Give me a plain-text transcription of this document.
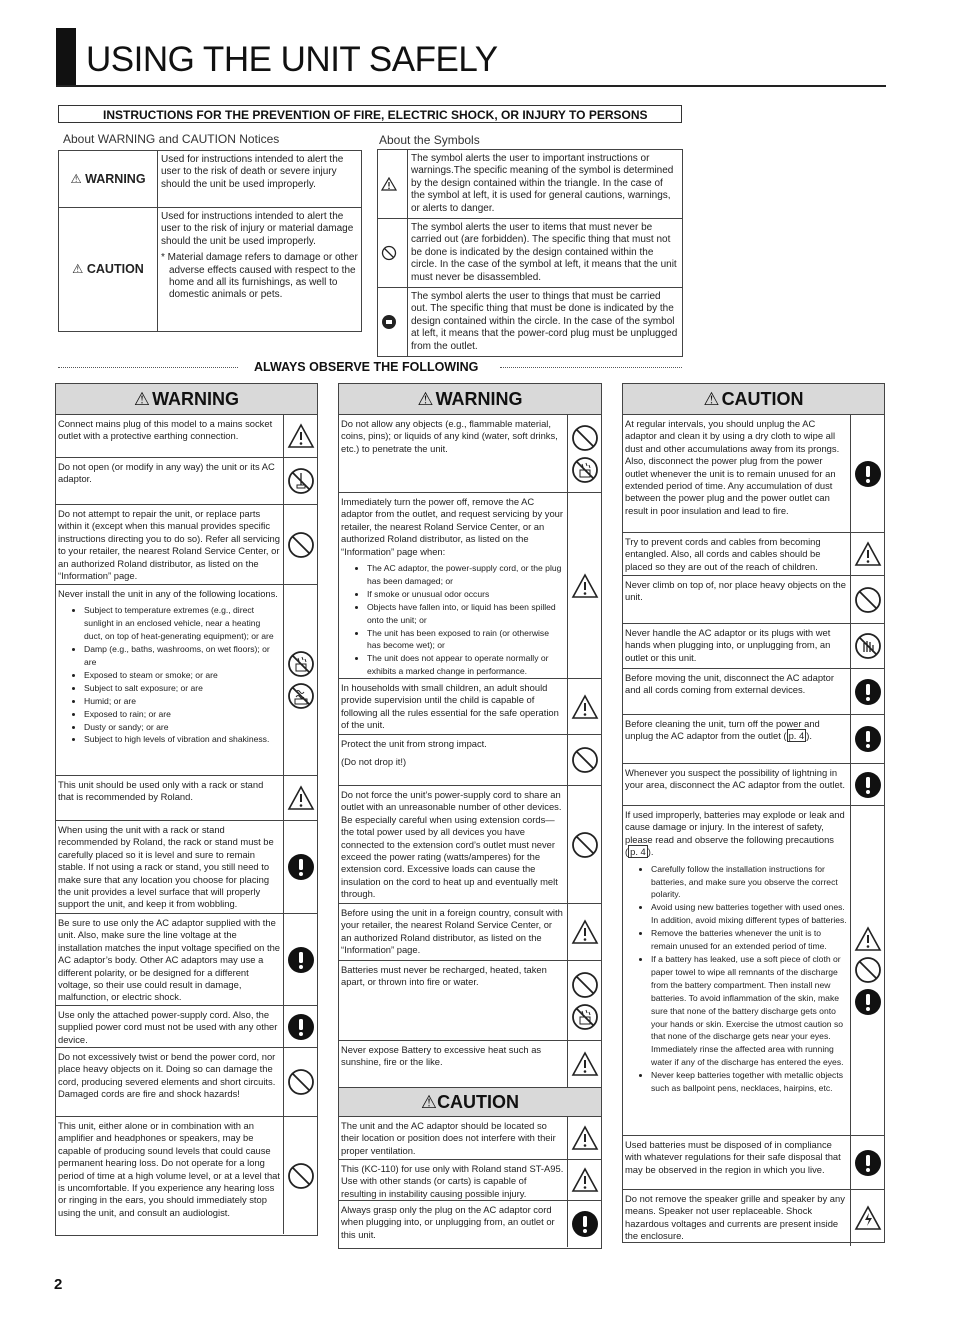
USING THE UNIT SAFELY
INSTRUCTIONS FOR THE PREVENTION OF FIRE, ELECTRIC SHOCK, OR INJURY TO PERSONS
About WARNING and CAUTION Notices
⚠ WARNING	Used for instructions intended to alert the user to the risk of death or severe injury should the unit be used improperly.
⚠ CAUTION	Used for instructions intended to alert the user to the risk of injury or material damage should the unit be used improperly.
* Material damage refers to damage or other adverse effects caused with respect to the home and all its furnishings, as well to domestic animals or pets.
About the Symbols
	The symbol alerts the user to important instructions or warnings.The specific meaning of the symbol is determined by the design contained within the triangle. In the case of the symbol at left, it is used for general cautions, warnings, or alerts to danger.

	The symbol alerts the user to items that must never be carried out (are forbidden). The specific thing that must not be done is indicated by the design contained within the circle. In the case of the symbol at left, it means that the unit must never be disassembled.

	The symbol alerts the user to things that must be carried out. The specific thing that must be done is indicated by the design contained within the circle. In the case of the symbol at left, it means that the power-cord plug must be unplugged from the outlet.
ALWAYS OBSERVE THE FOLLOWING
⚠ WARNING
Connect mains plug of this model to a mains socket outlet with a protective earthing connection.
Do not open (or modify in any way) the unit or its AC adaptor.
Do not attempt to repair the unit, or replace parts within it (except when this manual provides specific instructions directing you to do so). Refer all servicing to your retailer, the nearest Roland Service Center, or an authorized Roland distributor, as listed on the “Information” page.
Never install the unit in any of the following locations.
• Subject to temperature extremes (e.g., direct sunlight in an enclosed vehicle, near a heating duct, on top of heat-generating equipment); or are
• Damp (e.g., baths, washrooms, on wet floors); or are
• Exposed to steam or smoke; or are
• Subject to salt exposure; or are
• Humid; or are
• Exposed to rain; or are
• Dusty or sandy; or are
• Subject to high levels of vibration and shakiness.
This unit should be used only with a rack or stand that is recommended by Roland.
When using the unit with a rack or stand recommended by Roland, the rack or stand must be carefully placed so it is level and sure to remain stable. If not using a rack or stand, you still need to make sure that any location you choose for placing the unit provides a level surface that will properly support the unit, and keep it from wobbling.
Be sure to use only the AC adaptor supplied with the unit. Also, make sure the line voltage at the installation matches the input voltage specified on the AC adaptor’s body. Other AC adaptors may use a different polarity, or be designed for a different voltage, so their use could result in damage, malfunction, or electric shock.
Use only the attached power-supply cord. Also, the supplied power cord must not be used with any other device.
Do not excessively twist or bend the power cord, nor place heavy objects on it. Doing so can damage the cord, producing severed elements and short circuits. Damaged cords are fire and shock hazards!
This unit, either alone or in combination with an amplifier and headphones or speakers, may be capable of producing sound levels that could cause permanent hearing loss. Do not operate for a long period of time at a high volume level, or at a level that is uncomfortable. If you experience any hearing loss or ringing in the ears, you should immediately stop using the unit, and consult an audiologist.
⚠ WARNING
Do not allow any objects (e.g., flammable material, coins, pins); or liquids of any kind (water, soft drinks, etc.) to penetrate the unit.
Immediately turn the power off, remove the AC adaptor from the outlet, and request servicing by your retailer, the nearest Roland Service Center, or an authorized Roland distributor, as listed on the “Information” page when:
• The AC adaptor, the power-supply cord, or the plug has been damaged; or
• If smoke or unusual odor occurs
• Objects have fallen into, or liquid has been spilled onto the unit; or
• The unit has been exposed to rain (or otherwise has become wet); or
• The unit does not appear to operate normally or exhibits a marked change in performance.
In households with small children, an adult should provide supervision until the child is capable of following all the rules essential for the safe operation of the unit.
Protect the unit from strong impact.
(Do not drop it!)
Do not force the unit’s power-supply cord to share an outlet with an unreasonable number of other devices. Be especially careful when using extension cords—the total power used by all devices you have connected to the extension cord’s outlet must never exceed the power rating (watts/amperes) for the extension cord. Excessive loads can cause the insulation on the cord to heat up and eventually melt through.
Before using the unit in a foreign country, consult with your retailer, the nearest Roland Service Center, or an authorized Roland distributor, as listed on the “Information” page.
Batteries must never be recharged, heated, taken apart, or thrown into fire or water.
Never expose Battery to excessive heat such as sunshine, fire or the like.
⚠ CAUTION
The unit and the AC adaptor should be located so their location or position does not interfere with their proper ventilation.
This (KC-110) for use only with Roland stand ST-A95. Use with other stands (or carts) is capable of resulting in instability causing possible injury.
Always grasp only the plug on the AC adaptor cord when plugging into, or unplugging from, an outlet or this unit.
⚠ CAUTION
At regular intervals, you should unplug the AC adaptor and clean it by using a dry cloth to wipe all dust and other accumulations away from its prongs. Also, disconnect the power plug from the power outlet whenever the unit is to remain unused for an extended period of time. Any accumulation of dust between the power plug and the power outlet can result in poor insulation and lead to fire.
Try to prevent cords and cables from becoming entangled. Also, all cords and cables should be placed so they are out of the reach of children.
Never climb on top of, nor place heavy objects on the unit.
Never handle the AC adaptor or its plugs with wet hands when plugging into, or unplugging from, an outlet or this unit.
Before moving the unit, disconnect the AC adaptor and all cords coming from external devices.
Before cleaning the unit, turn off the power and unplug the AC adaptor from the outlet ( p. 4 ).
Whenever you suspect the possibility of lightning in your area, disconnect the AC adaptor from the outlet.
If used improperly, batteries may explode or leak and cause damage or injury. In the interest of safety, please read and observe the following precautions ( p. 4 ).
• Carefully follow the installation instructions for batteries, and make sure you observe the correct polarity.
• Avoid using new batteries together with used ones. In addition, avoid mixing different types of batteries.
• Remove the batteries whenever the unit is to remain unused for an extended period of time.
• If a battery has leaked, use a soft piece of cloth or paper towel to wipe all remnants of the discharge from the battery compartment. Then install new batteries. To avoid inflammation of the skin, make sure that none of the battery discharge gets onto your hands or skin. Exercise the utmost caution so that none of the discharge gets near your eyes. Immediately rinse the affected area with running water if any of the discharge has entered the eyes.
• Never keep batteries together with metallic objects such as ballpoint pens, necklaces, hairpins, etc.
Used batteries must be disposed of in compliance with whatever regulations for their safe disposal that may be observed in the region in which you live.
Do not remove the speaker grille and speaker by any means. Speaker not user replaceable. Shock hazardous voltages and currents are present inside the enclosure.
2
